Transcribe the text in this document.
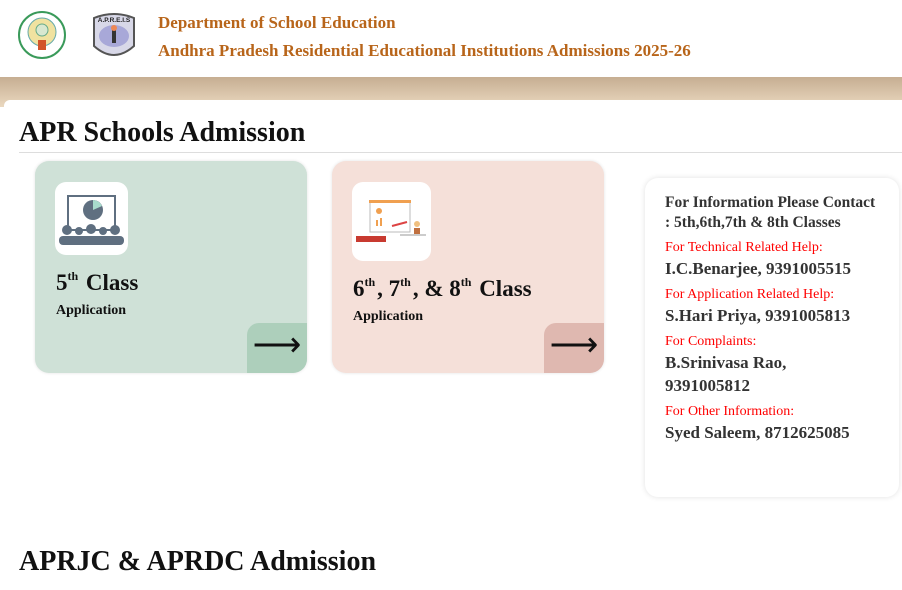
A.P.R.E.I.S Department of School Education
Andhra Pradesh Residential Educational Institutions Admissions 2025-26
APR Schools Admission
5th Class
Application
⟶
6th, 7th, & 8th Class
Application
⟶
For Information Please Contact : 5th,6th,7th & 8th Classes
For Technical Related Help:
I.C.Benarjee, 9391005515
For Application Related Help:
S.Hari Priya, 9391005813
For Complaints:
B.Srinivasa Rao, 9391005812
For Other Information:
Syed Saleem, 8712625085
APRJC & APRDC Admission
